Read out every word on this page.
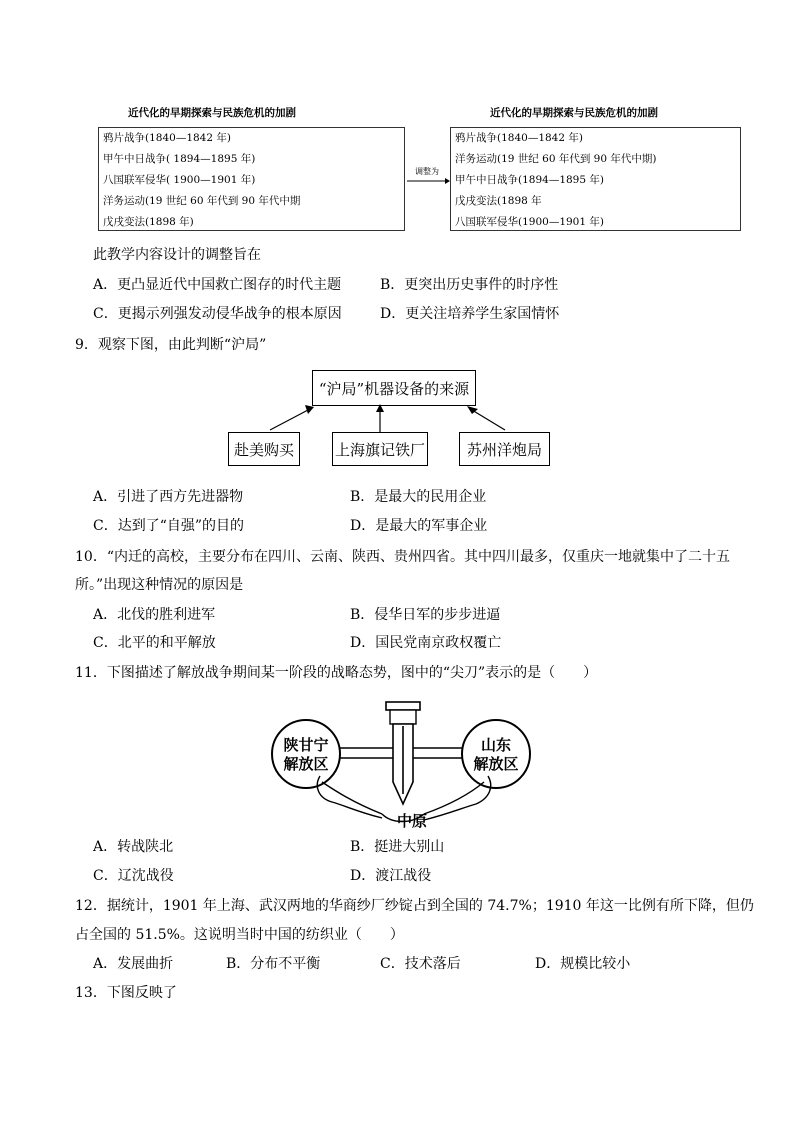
近代化的早期探索与民族危机的加剧	近代化的早期探索与民族危机的加剧
鸦片战争(1840—1842 年)
甲午中日战争( 1894—1895 年)
八国联军侵华( 1900—1901 年)
洋务运动(19 世纪 60 年代到 90 年代中期
戊戌变法(1898 年)
调整为
鸦片战争(1840—1842 年)
洋务运动(19 世纪 60 年代到 90 年代中期)
甲午中日战争(1894—1895 年)
戊戌变法(1898 年
八国联军侵华(1900—1901 年)
此教学内容设计的调整旨在
A．更凸显近代中国救亡图存的时代主题	B．更突出历史事件的时序性
C．更揭示列强发动侵华战争的根本原因	D．更关注培养学生家国情怀
9．观察下图，由此判断“沪局”
“沪局”机器设备的来源
赴美购买	上海旗记铁厂	苏州洋炮局
A．引进了西方先进器物	B．是最大的民用企业
C．达到了“自强”的目的	D．是最大的军事企业
10．“内迁的高校，主要分布在四川、云南、陕西、贵州四省。其中四川最多，仅重庆一地就集中了二十五
所。”出现这种情况的原因是
A．北伐的胜利进军	B．侵华日军的步步进逼
C．北平的和平解放	D．国民党南京政权覆亡
11．下图描述了解放战争期间某一阶段的战略态势，图中的“尖刀”表示的是（　　）
陕甘宁
解放区
山东
解放区
中原
A．转战陕北	B．挺进大别山
C．辽沈战役	D．渡江战役
12．据统计，1901 年上海、武汉两地的华商纱厂纱锭占到全国的 74.7%；1910 年这一比例有所下降，但仍
占全国的 51.5%。这说明当时中国的纺织业（　　）
A．发展曲折	B．分布不平衡	C．技术落后	D．规模比较小
13．下图反映了
